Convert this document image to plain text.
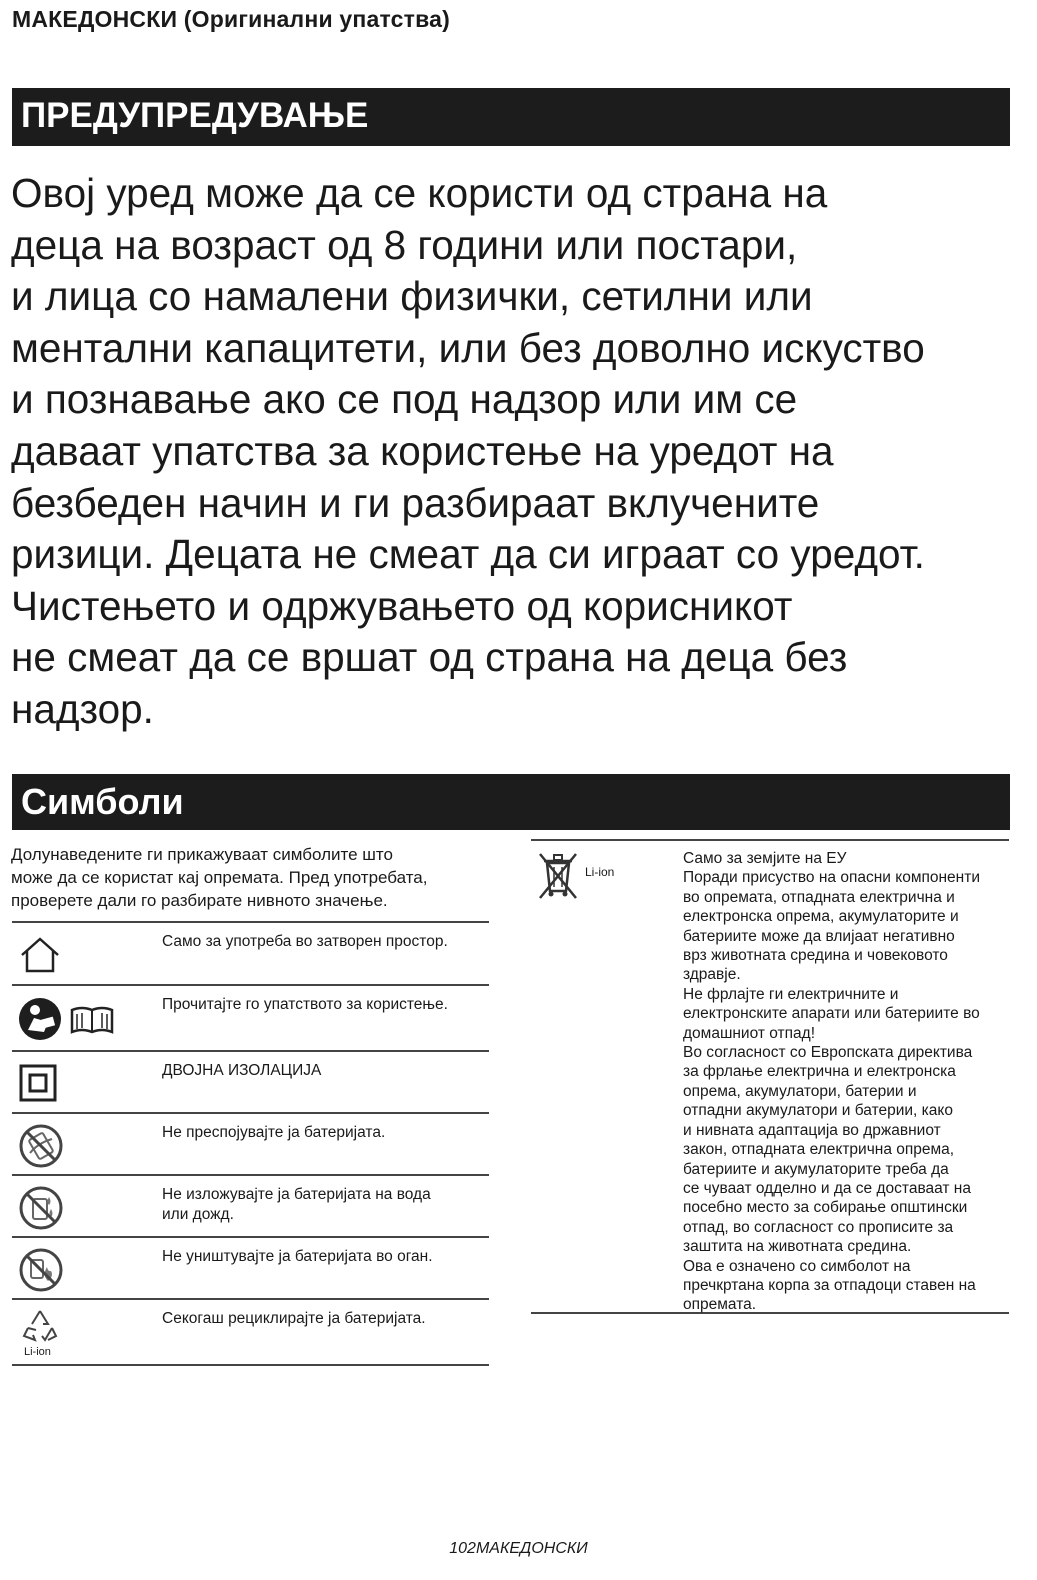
МАКЕДОНСКИ (Оригинални упатства)
ПРЕДУПРЕДУВАЊЕ
Овој уред може да се користи од страна на
деца на возраст од 8 години или постари,
и лица со намалени физички, сетилни или
ментални капацитети, или без доволно искуство
и познавање ако се под надзор или им се
даваат упатства за користење на уредот на
безбеден начин и ги разбираат вклучените
ризици. Децата не смеат да си играат со уредот.
Чистењето и одржувањето од корисникот
не смеат да се вршат од страна на деца без
надзор.
Симболи
Долунаведените ги прикажуваат симболите што
може да се користат кај опремата. Пред употребата,
проверете дали го разбирате нивното значење.
Само за употреба во затворен простор.
Прочитајте го упатството за користење.
ДВОЈНА ИЗОЛАЦИЈА
Не преспојувајте ја батеријата.
Не изложувајте ја батеријата на вода
или дожд.
Не уништувајте ја батеријата во оган.
Li-ion
Секогаш рециклирајте ја батеријата.
Li-ion
Само за земјите на ЕУ
Поради присуство на опасни компоненти
во опремата, отпадната електрична и
електронска опрема, акумулаторите и
батериите може да влијаат негативно
врз животната средина и човековото
здравје.
Не фрлајте ги електричните и
електронските апарати или батериите во
домашниот отпад!
Во согласност со Европската директива
за фрлање електрична и електронска
опрема, акумулатори, батерии и
отпадни акумулатори и батерии, како
и нивната адаптација во државниот
закон, отпадната електрична опрема,
батериите и акумулаторите треба да
се чуваат одделно и да се доставаат на
посебно место за собирање општински
отпад, во согласност со прописите за
заштита на животната средина.
Ова е означено со симболот на
пречкртана корпа за отпадоци ставен на
опремата.
102МАКЕДОНСКИ
